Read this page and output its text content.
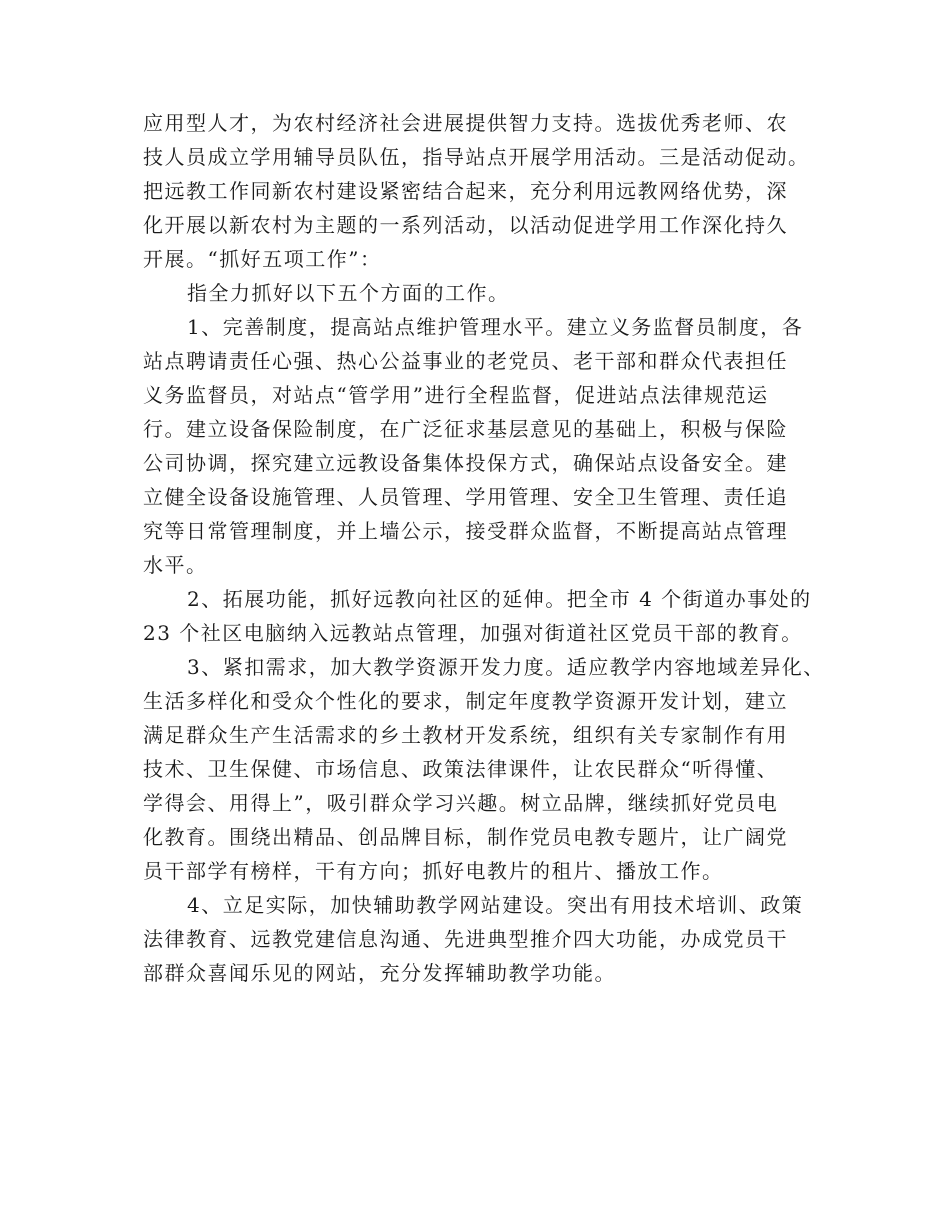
应用型人才，为农村经济社会进展提供智力支持。选拔优秀老师、农
技人员成立学用辅导员队伍，指导站点开展学用活动。三是活动促动。
把远教工作同新农村建设紧密结合起来，充分利用远教网络优势，深
化开展以新农村为主题的一系列活动，以活动促进学用工作深化持久
开展。“抓好五项工作”：
指全力抓好以下五个方面的工作。
1、完善制度，提高站点维护管理水平。建立义务监督员制度，各
站点聘请责任心强、热心公益事业的老党员、老干部和群众代表担任
义务监督员，对站点“管学用”进行全程监督，促进站点法律规范运
行。建立设备保险制度，在广泛征求基层意见的基础上，积极与保险
公司协调，探究建立远教设备集体投保方式，确保站点设备安全。建
立健全设备设施管理、人员管理、学用管理、安全卫生管理、责任追
究等日常管理制度，并上墙公示，接受群众监督，不断提高站点管理
水平。
2、拓展功能，抓好远教向社区的延伸。把全市 4 个街道办事处的
23 个社区电脑纳入远教站点管理，加强对街道社区党员干部的教育。
3、紧扣需求，加大教学资源开发力度。适应教学内容地域差异化、
生活多样化和受众个性化的要求，制定年度教学资源开发计划，建立
满足群众生产生活需求的乡土教材开发系统，组织有关专家制作有用
技术、卫生保健、市场信息、政策法律课件，让农民群众“听得懂、
学得会、用得上”，吸引群众学习兴趣。树立品牌，继续抓好党员电
化教育。围绕出精品、创品牌目标，制作党员电教专题片，让广阔党
员干部学有榜样，干有方向；抓好电教片的租片、播放工作。
4、立足实际，加快辅助教学网站建设。突出有用技术培训、政策
法律教育、远教党建信息沟通、先进典型推介四大功能，办成党员干
部群众喜闻乐见的网站，充分发挥辅助教学功能。
